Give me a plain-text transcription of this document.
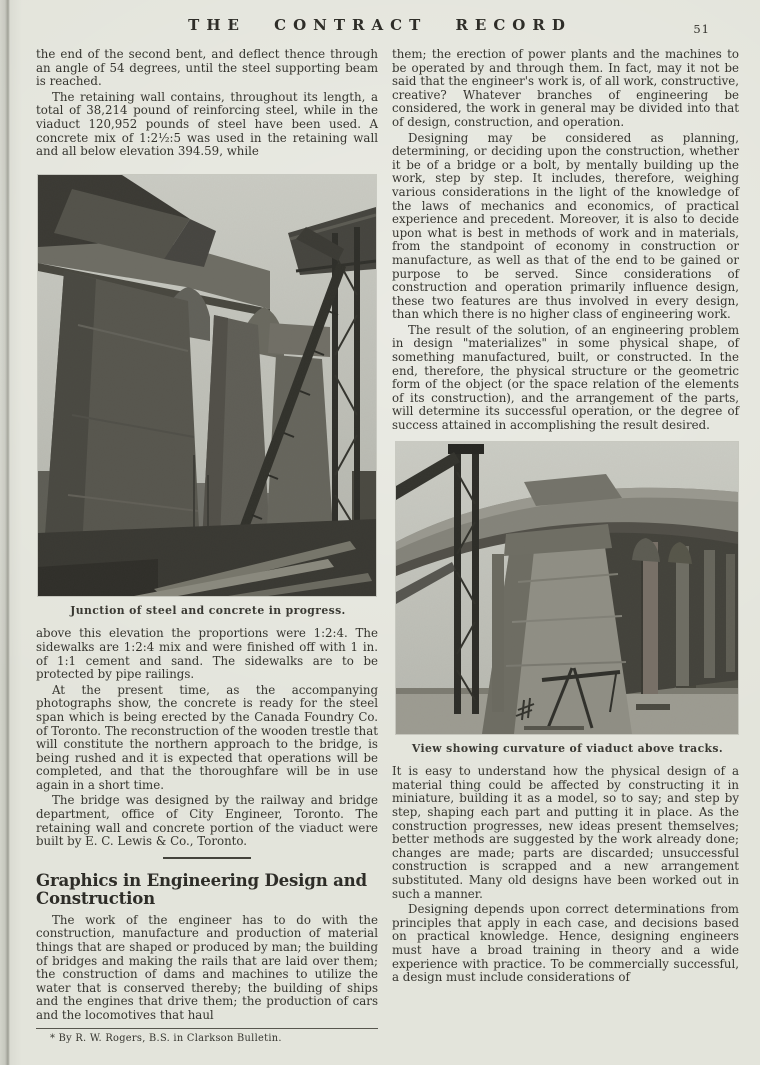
THE CONTRACT RECORD	51

the end of the second bent, and deflect thence through an angle of 54 degrees, until the steel supporting beam is reached.

The retaining wall contains, throughout its length, a total of 38,214 pound of reinforcing steel, while in the viaduct 120,952 pounds of steel have been used. A concrete mix of 1:2½:5 was used in the retaining wall and all below elevation 394.59, while

Junction of steel and concrete in progress.

above this elevation the proportions were 1:2:4. The sidewalks are 1:2:4 mix and were finished off with 1 in. of 1:1 cement and sand. The sidewalks are to be protected by pipe railings.

At the present time, as the accompanying photographs show, the concrete is ready for the steel span which is being erected by the Canada Foundry Co. of Toronto. The reconstruction of the wooden trestle that will constitute the northern approach to the bridge, is being rushed and it is expected that operations will be completed, and that the thoroughfare will be in use again in a short time.

The bridge was designed by the railway and bridge department, office of City Engineer, Toronto. The retaining wall and concrete portion of the viaduct were built by E. C. Lewis & Co., Toronto.

Graphics in Engineering Design and Construction

The work of the engineer has to do with the construction, manufacture and production of material things that are shaped or produced by man; the building of bridges and making the rails that are laid over them; the construction of dams and machines to utilize the water that is conserved thereby; the building of ships and the engines that drive them; the production of cars and the locomotives that haul

* By R. W. Rogers, B.S. in Clarkson Bulletin.

them; the erection of power plants and the machines to be operated by and through them. In fact, may it not be said that the engineer's work is, of all work, constructive, creative? Whatever branches of engineering be considered, the work in general may be divided into that of design, construction, and operation.

Designing may be considered as planning, determining, or deciding upon the construction, whether it be of a bridge or a bolt, by mentally building up the work, step by step. It includes, therefore, weighing various considerations in the light of the knowledge of the laws of mechanics and economics, of practical experience and precedent. Moreover, it is also to decide upon what is best in methods of work and in materials, from the standpoint of economy in construction or manufacture, as well as that of the end to be gained or purpose to be served. Since considerations of construction and operation primarily influence design, these two features are thus involved in every design, than which there is no higher class of engineering work.

The result of the solution, of an engineering problem in design "materializes" in some physical shape, of something manufactured, built, or constructed. In the end, therefore, the physical structure or the geometric form of the object (or the space relation of the elements of its construction), and the arrangement of the parts, will determine its successful operation, or the degree of success attained in accomplishing the result desired.

View showing curvature of viaduct above tracks.

It is easy to understand how the physical design of a material thing could be affected by constructing it in miniature, building it as a model, so to say; and step by step, shaping each part and putting it in place. As the construction progresses, new ideas present themselves; better methods are suggested by the work already done; changes are made; parts are discarded; unsuccessful construction is scrapped and a new arrangement substituted. Many old designs have been worked out in such a manner.

Designing depends upon correct determinations from principles that apply in each case, and decisions based on practical knowledge. Hence, designing engineers must have a broad training in theory and a wide experience with practice. To be commercially successful, a design must include considerations of
